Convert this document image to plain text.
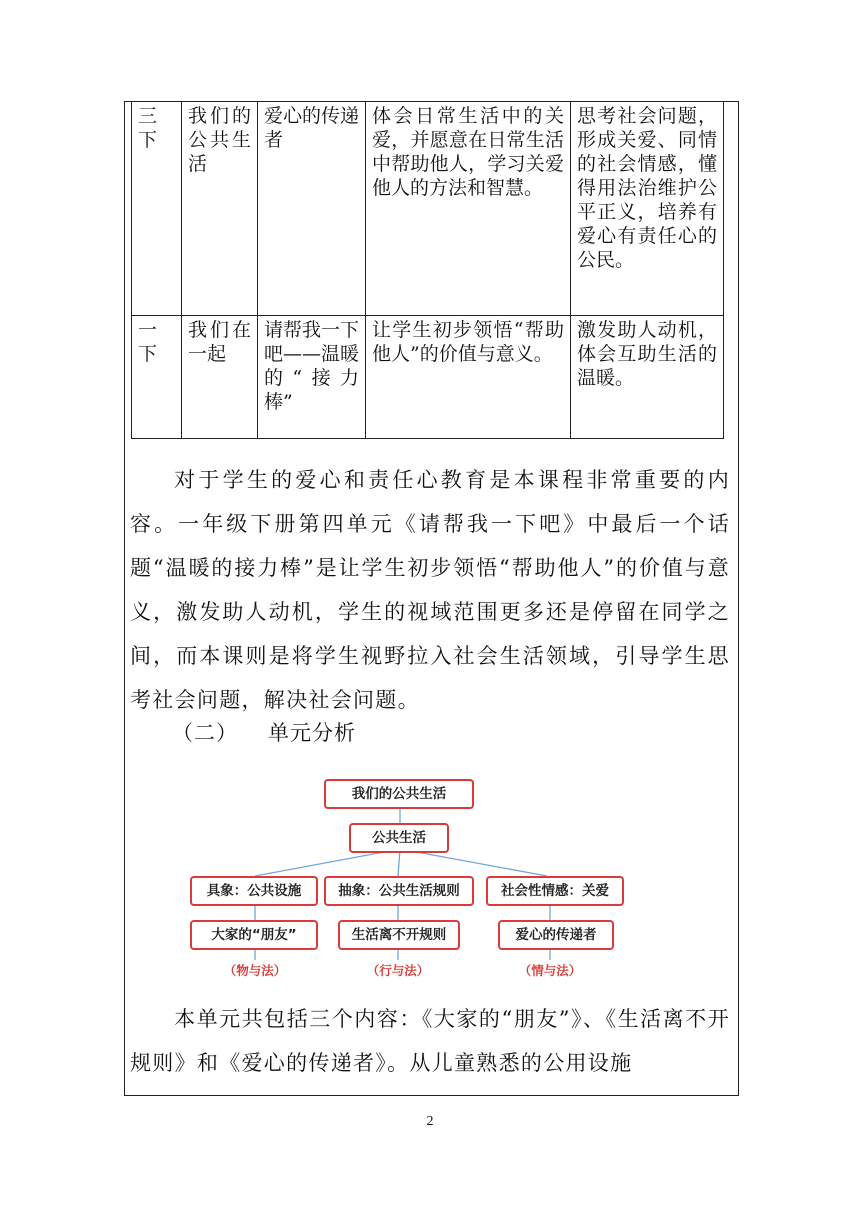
三下	我们的公共生活	爱心的传递者	体会日常生活中的关爱，并愿意在日常生活中帮助他人，学习关爱他人的方法和智慧。	思考社会问题，形成关爱、同情的社会情感，懂得用法治维护公平正义，培养有爱心有责任心的公民。
一下	我们在一起	请帮我一下吧——温暖的“接力棒”	让学生初步领悟“帮助他人”的价值与意义。	激发助人动机，体会互助生活的温暖。
对于学生的爱心和责任心教育是本课程非常重要的内容。一年级下册第四单元《请帮我一下吧》中最后一个话题“温暖的接力棒”是让学生初步领悟“帮助他人”的价值与意义，激发助人动机，学生的视域范围更多还是停留在同学之间，而本课则是将学生视野拉入社会生活领域，引导学生思考社会问题，解决社会问题。
（二） 单元分析
我们的公共生活
公共生活
具象：公共设施	抽象：公共生活规则	社会性情感：关爱
大家的“朋友”	生活离不开规则	爱心的传递者
（物与法）	（行与法）	（情与法）
本单元共包括三个内容：《大家的“朋友”》、《生活离不开规则》和《爱心的传递者》。从儿童熟悉的公用设施
2
